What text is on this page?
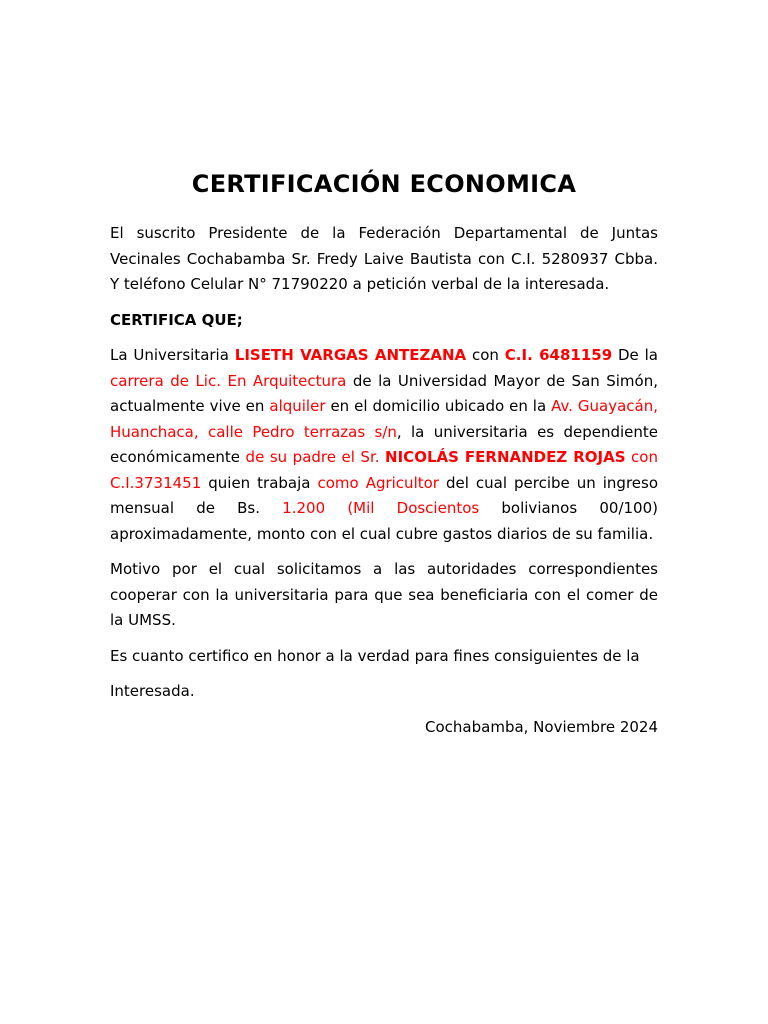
CERTIFICACIÓN ECONOMICA

El suscrito Presidente de la Federación Departamental de Juntas Vecinales Cochabamba Sr. Fredy Laive Bautista con C.I. 5280937 Cbba. Y teléfono Celular N° 71790220 a petición verbal de la interesada.

CERTIFICA QUE;

La Universitaria LISETH VARGAS ANTEZANA con C.I. 6481159 De la carrera de Lic. En Arquitectura de la Universidad Mayor de San Simón, actualmente vive en alquiler en el domicilio ubicado en la Av. Guayacán, Huanchaca, calle Pedro terrazas s/n, la universitaria es dependiente económicamente de su padre el Sr. NICOLÁS FERNANDEZ ROJAS con C.I.3731451 quien trabaja como Agricultor del cual percibe un ingreso mensual de Bs. 1.200 (Mil Doscientos bolivianos 00/100) aproximadamente, monto con el cual cubre gastos diarios de su familia.

Motivo por el cual solicitamos a las autoridades correspondientes cooperar con la universitaria para que sea beneficiaria con el comer de la UMSS.

Es cuanto certifico en honor a la verdad para fines consiguientes de la

Interesada.

Cochabamba, Noviembre 2024
